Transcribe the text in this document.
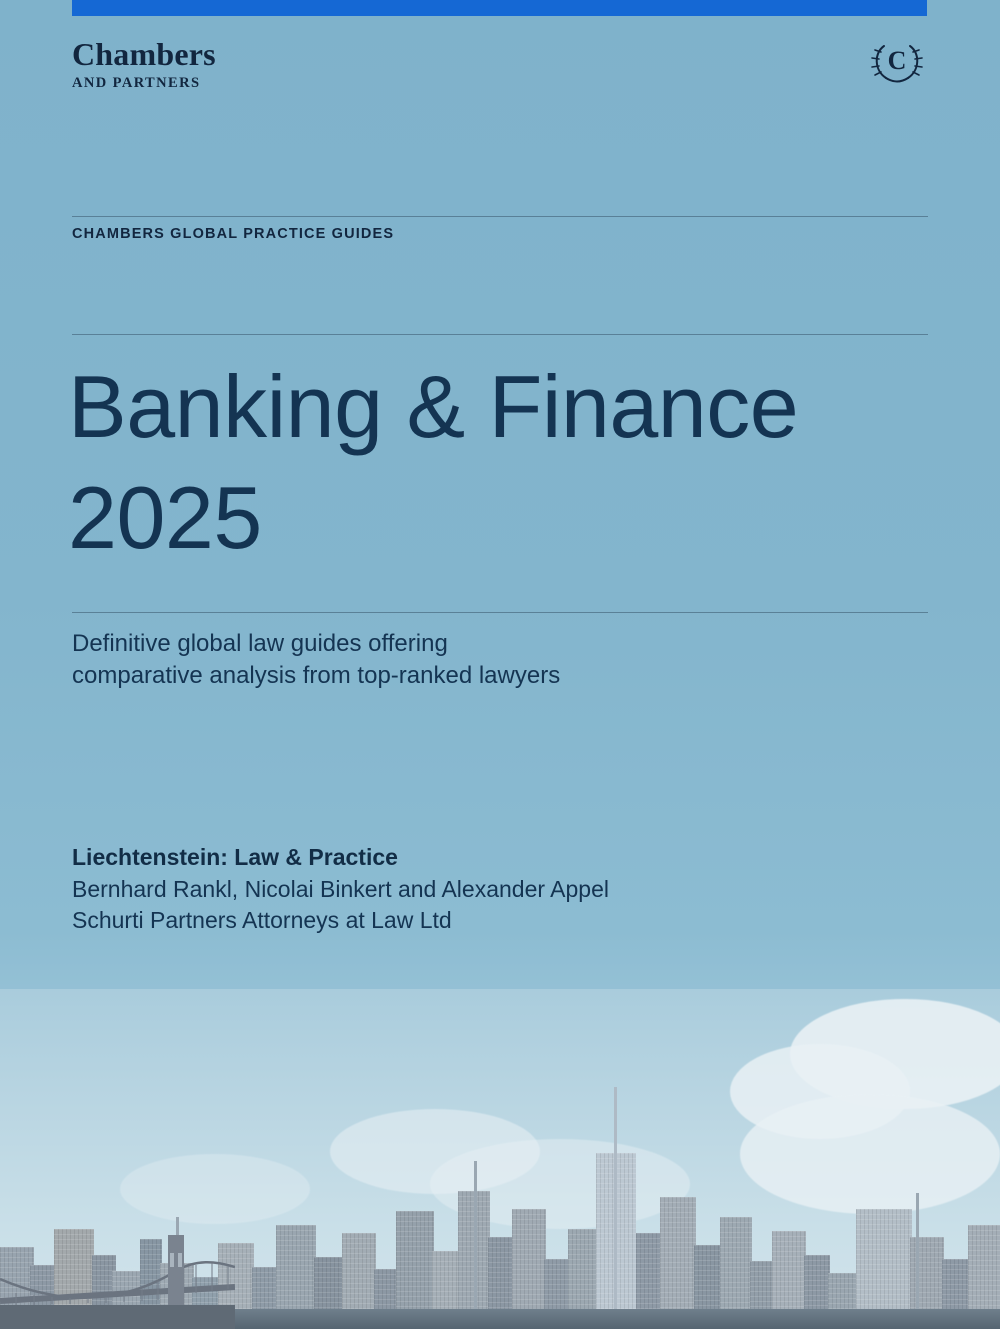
Chambers
AND PARTNERS
C
CHAMBERS GLOBAL PRACTICE GUIDES
Banking & Finance
2025
Definitive global law guides offering
comparative analysis from top-ranked lawyers
Liechtenstein: Law & Practice
Bernhard Rankl, Nicolai Binkert and Alexander Appel
Schurti Partners Attorneys at Law Ltd
